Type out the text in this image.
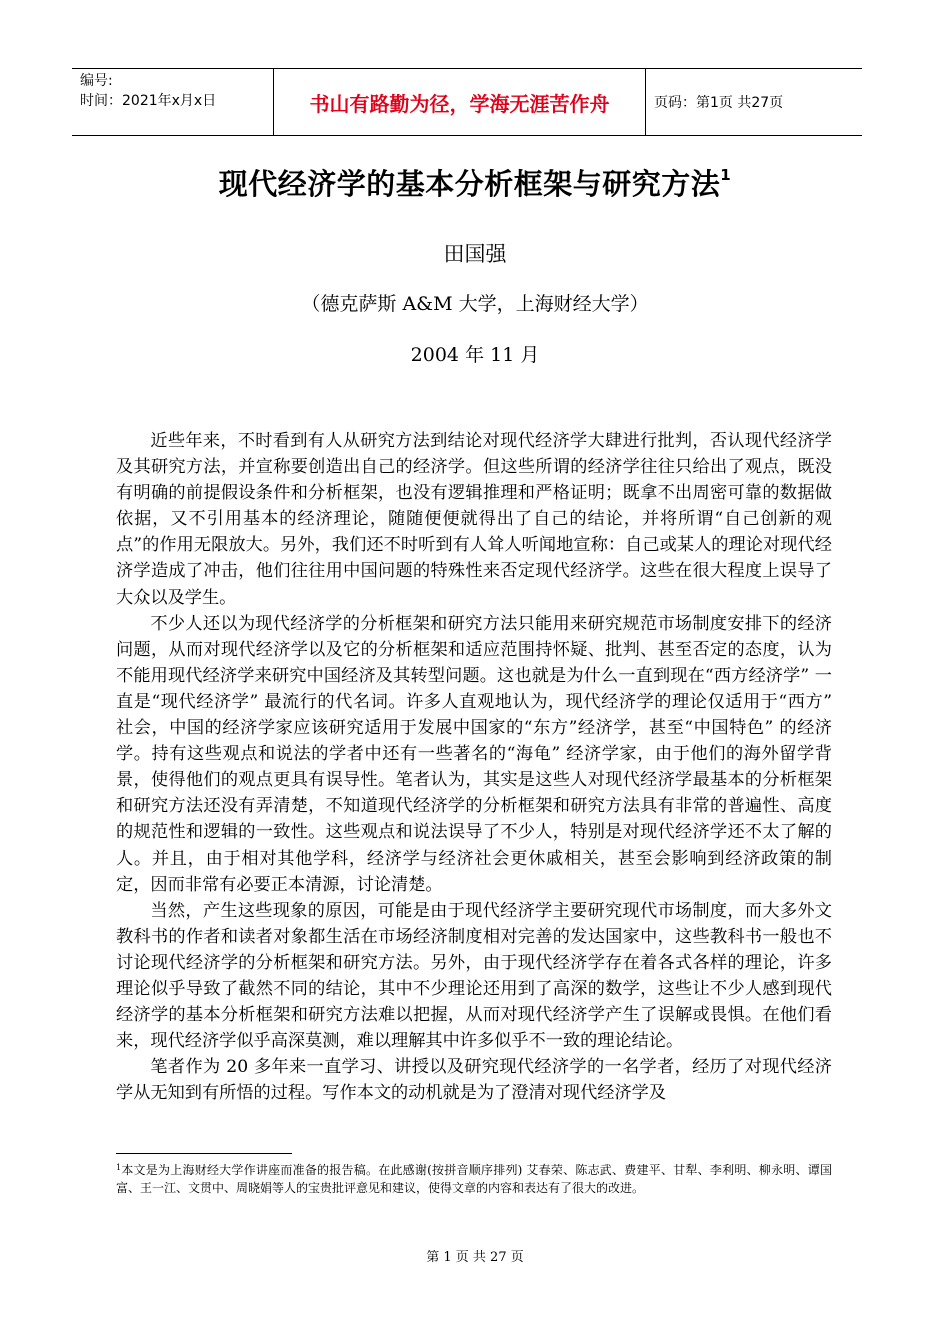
编号:
时间：2021年x月x日	书山有路勤为径，学海无涯苦作舟	页码：第1页 共27页
现代经济学的基本分析框架与研究方法$^1$
田国强
（德克萨斯 A&M 大学，上海财经大学）
2004 年 11 月

近些年来，不时看到有人从研究方法到结论对现代经济学大肆进行批判，否认现代经济学及其研究方法，并宣称要创造出自己的经济学。但这些所谓的经济学往往只给出了观点，既没有明确的前提假设条件和分析框架，也没有逻辑推理和严格证明；既拿不出周密可靠的数据做依据，又不引用基本的经济理论，随随便便就得出了自己的结论，并将所谓“自己创新的观点”的作用无限放大。另外，我们还不时听到有人耸人听闻地宣称：自己或某人的理论对现代经济学造成了冲击，他们往往用中国问题的特殊性来否定现代经济学。这些在很大程度上误导了大众以及学生。

不少人还以为现代经济学的分析框架和研究方法只能用来研究规范市场制度安排下的经济问题，从而对现代经济学以及它的分析框架和适应范围持怀疑、批判、甚至否定的态度，认为不能用现代经济学来研究中国经济及其转型问题。这也就是为什么一直到现在“西方经济学” 一直是“现代经济学” 最流行的代名词。许多人直观地认为，现代经济学的理论仅适用于“西方” 社会，中国的经济学家应该研究适用于发展中国家的“东方”经济学，甚至“中国特色” 的经济学。持有这些观点和说法的学者中还有一些著名的“海龟” 经济学家，由于他们的海外留学背景，使得他们的观点更具有误导性。笔者认为，其实是这些人对现代经济学最基本的分析框架和研究方法还没有弄清楚，不知道现代经济学的分析框架和研究方法具有非常的普遍性、高度的规范性和逻辑的一致性。这些观点和说法误导了不少人，特别是对现代经济学还不太了解的人。并且，由于相对其他学科，经济学与经济社会更休戚相关，甚至会影响到经济政策的制定，因而非常有必要正本清源，讨论清楚。

当然，产生这些现象的原因，可能是由于现代经济学主要研究现代市场制度，而大多外文教科书的作者和读者对象都生活在市场经济制度相对完善的发达国家中，这些教科书一般也不讨论现代经济学的分析框架和研究方法。另外，由于现代经济学存在着各式各样的理论，许多理论似乎导致了截然不同的结论，其中不少理论还用到了高深的数学，这些让不少人感到现代经济学的基本分析框架和研究方法难以把握，从而对现代经济学产生了误解或畏惧。在他们看来，现代经济学似乎高深莫测，难以理解其中许多似乎不一致的理论结论。

笔者作为 20 多年来一直学习、讲授以及研究现代经济学的一名学者，经历了对现代经济学从无知到有所悟的过程。写作本文的动机就是为了澄清对现代经济学及

$^1$本文是为上海财经大学作讲座而准备的报告稿。在此感谢(按拼音顺序排列) 艾春荣、陈志武、费建平、甘犁、李利明、柳永明、谭国富、王一江、文贯中、周晓娟等人的宝贵批评意见和建议，使得文章的内容和表达有了很大的改进。
第 1 页 共 27 页
